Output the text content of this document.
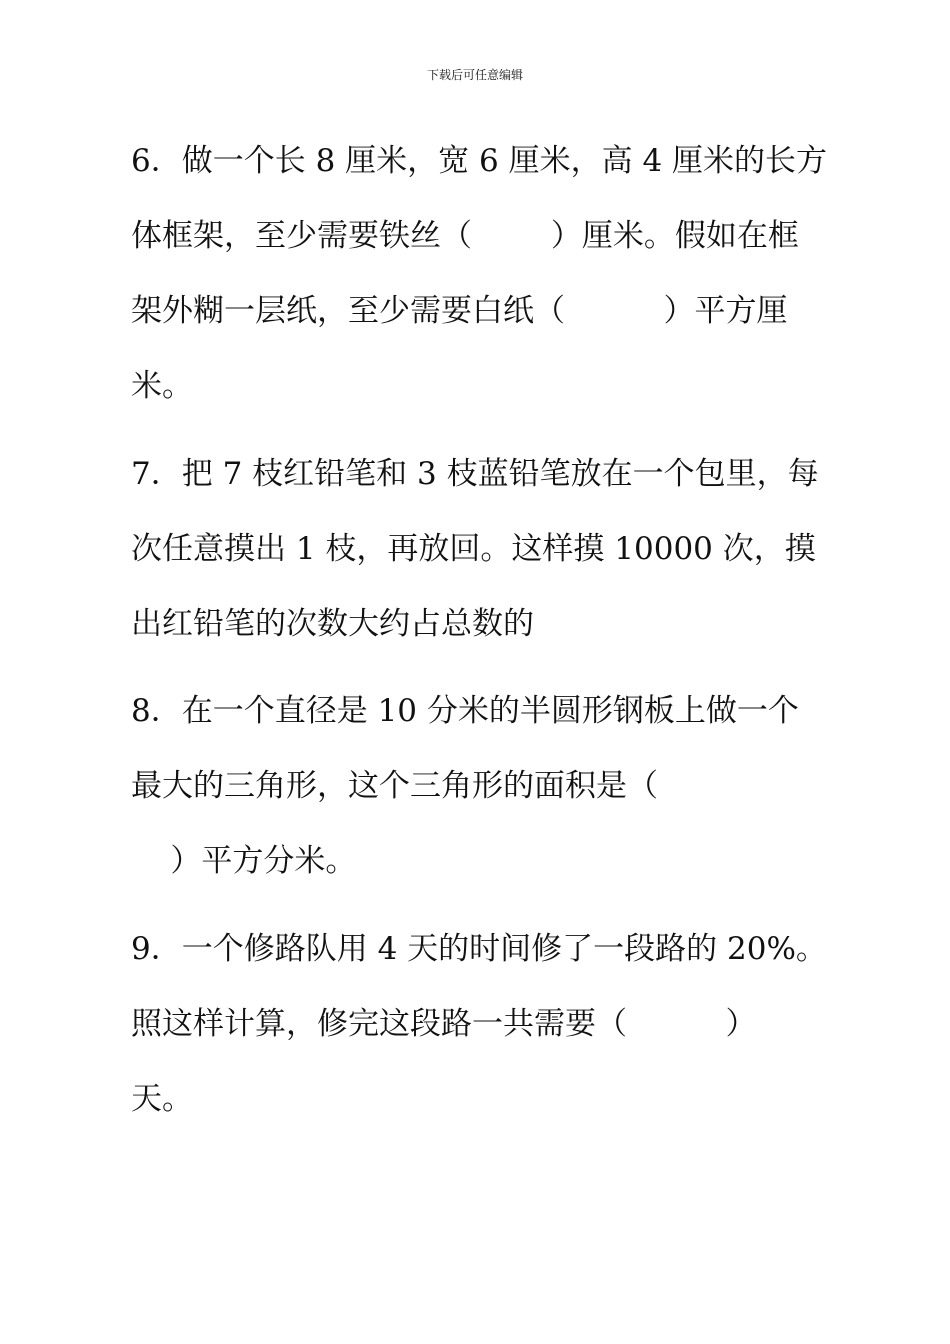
下载后可任意编辑
6．做一个长 8 厘米，宽 6 厘米，高 4 厘米的长方
体框架，至少需要铁丝（        ）厘米。假如在框
架外糊一层纸，至少需要白纸（          ）平方厘
米。
7．把 7 枝红铅笔和 3 枝蓝铅笔放在一个包里，每
次任意摸出 1 枝，再放回。这样摸 10000 次，摸
出红铅笔的次数大约占总数的
8．在一个直径是 10 分米的半圆形钢板上做一个
最大的三角形，这个三角形的面积是（
）平方分米。
9．一个修路队用 4 天的时间修了一段路的 20%。
照这样计算，修完这段路一共需要（          ）
天。
